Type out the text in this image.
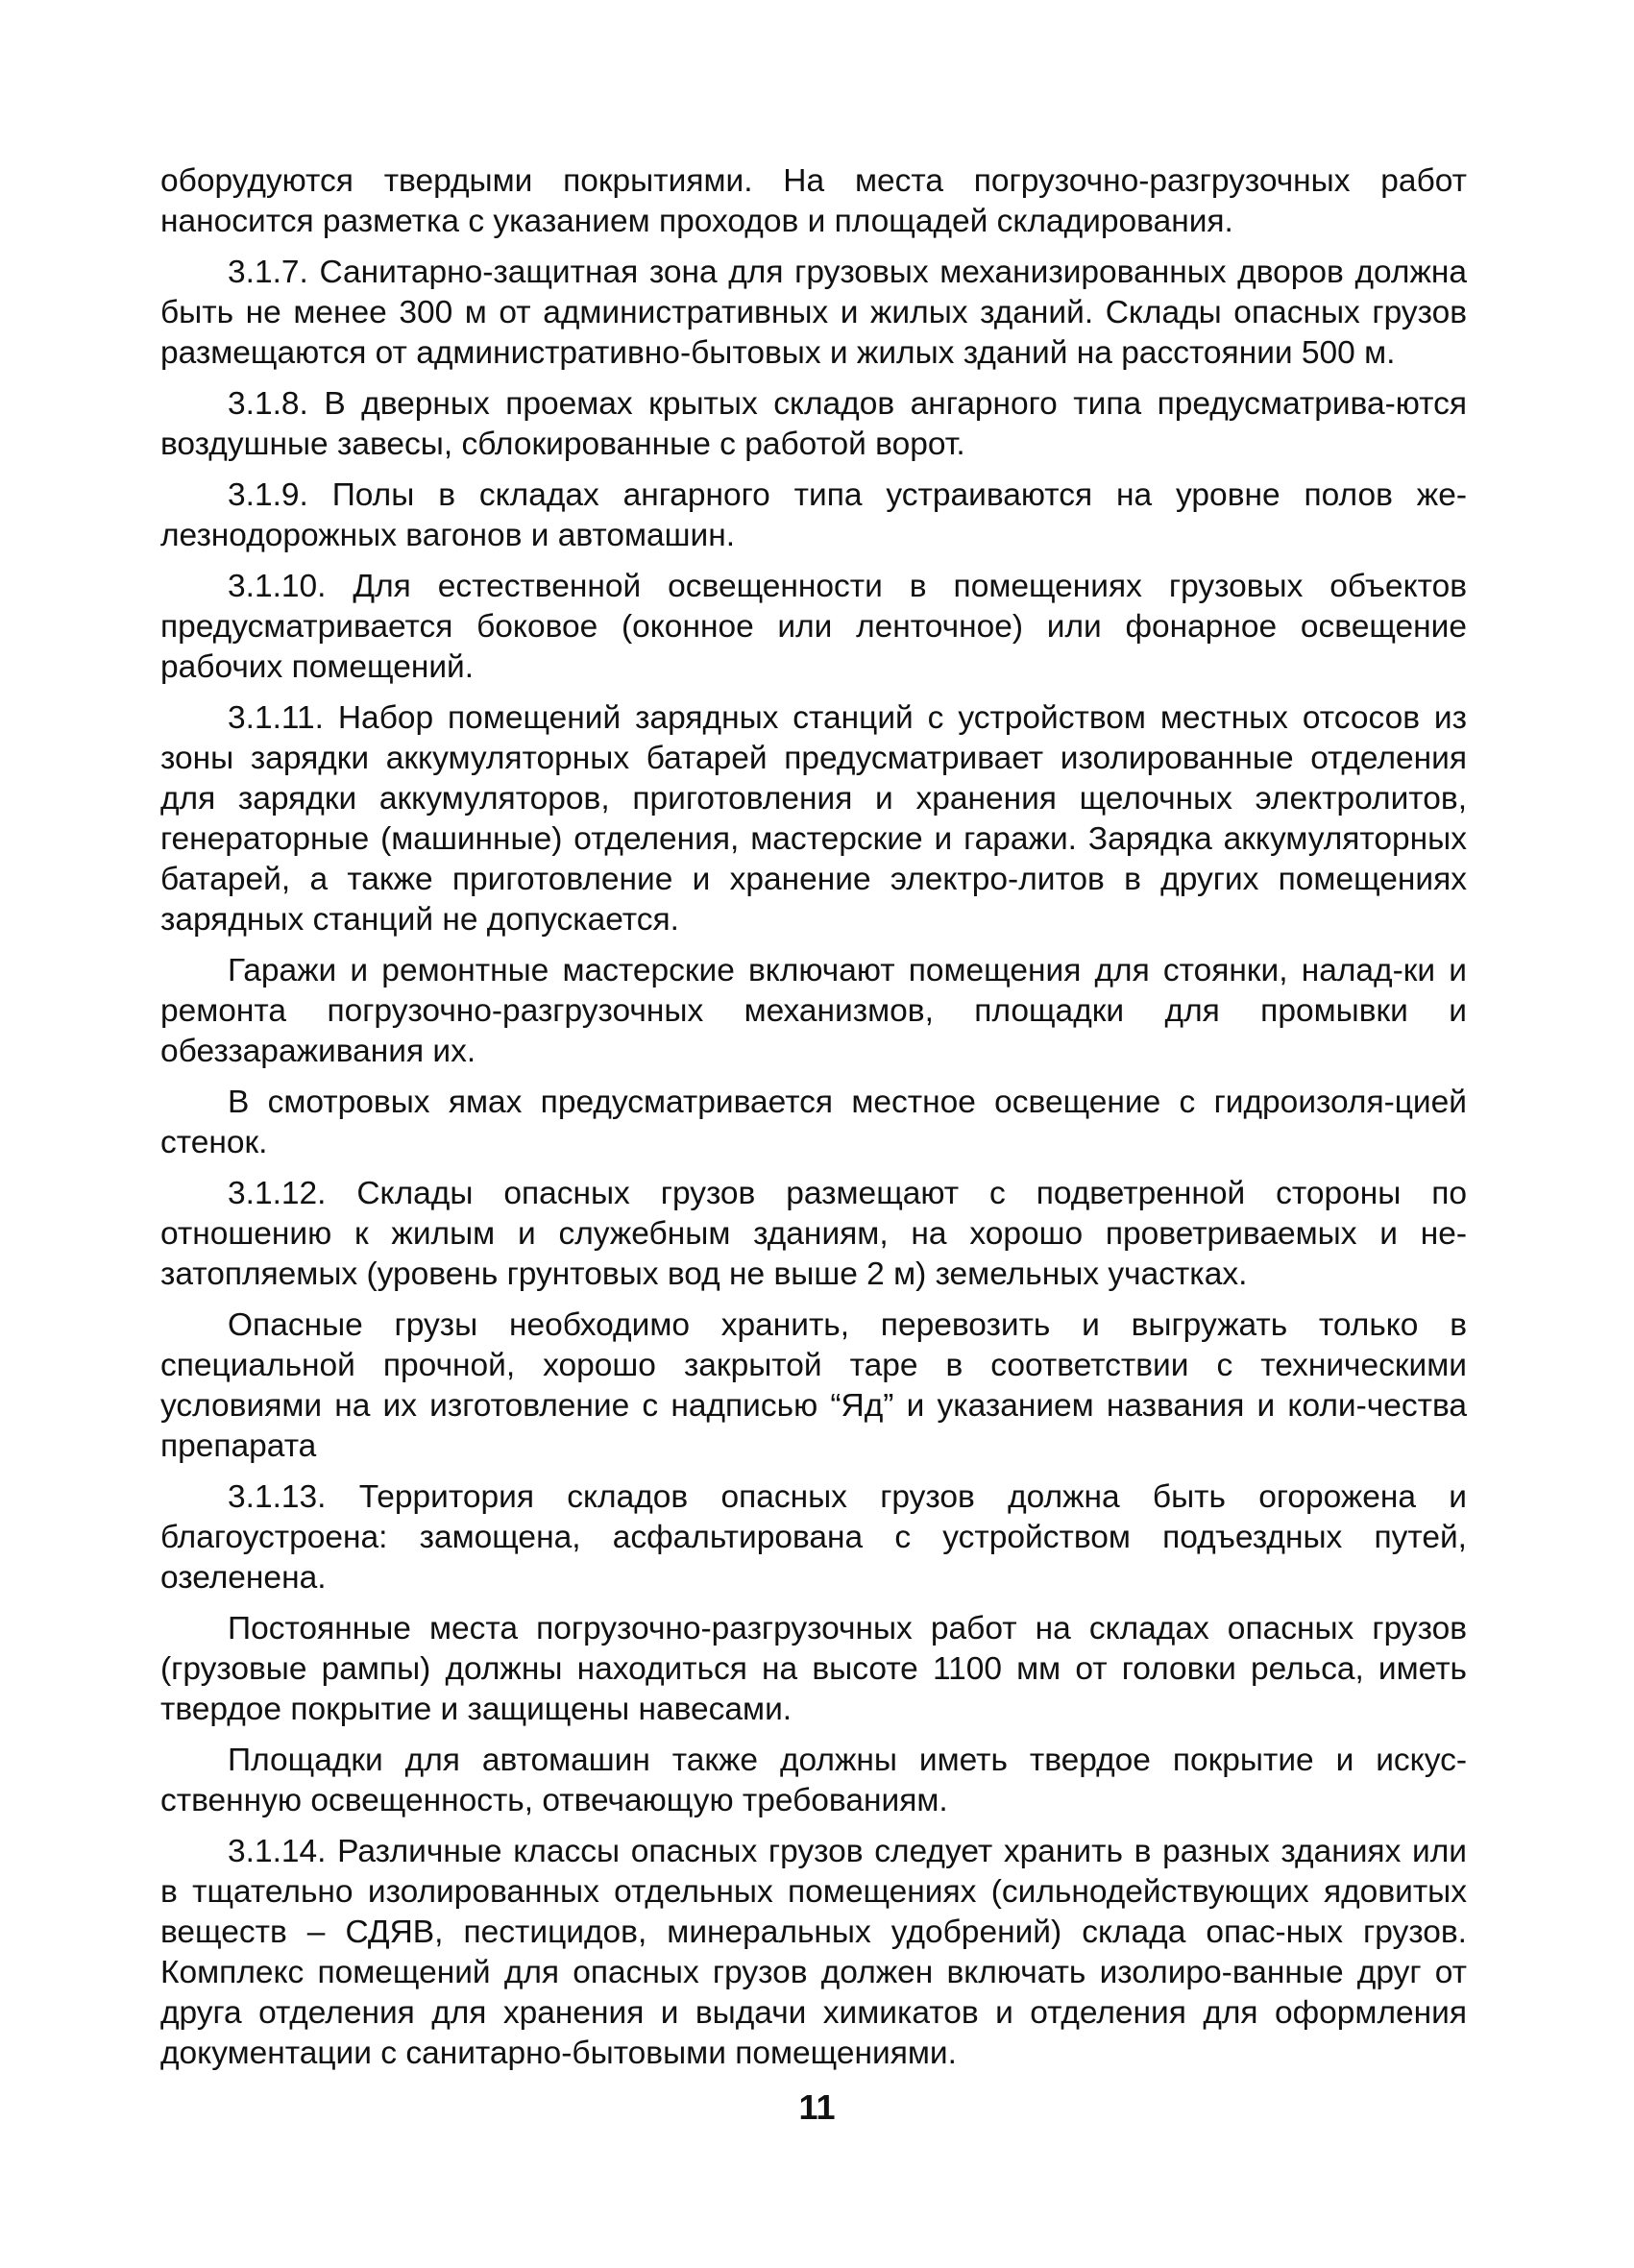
оборудуются твердыми покрытиями. На места погрузочно-разгрузочных работ наносится разметка с указанием проходов и площадей складирования.

3.1.7. Санитарно-защитная зона для грузовых механизированных дворов должна быть не менее 300 м от административных и жилых зданий. Склады опасных грузов размещаются от административно-бытовых и жилых зданий на расстоянии 500 м.

3.1.8. В дверных проемах крытых складов ангарного типа предусматрива-ются воздушные завесы, сблокированные с работой ворот.

3.1.9. Полы в складах ангарного типа устраиваются на уровне полов же-лезнодорожных вагонов и автомашин.

3.1.10. Для естественной освещенности в помещениях грузовых объектов предусматривается боковое (оконное или ленточное) или фонарное освещение рабочих помещений.

3.1.11. Набор помещений зарядных станций с устройством местных отсосов из зоны зарядки аккумуляторных батарей предусматривает изолированные отделения для зарядки аккумуляторов, приготовления и хранения щелочных электролитов, генераторные (машинные) отделения, мастерские и гаражи. Зарядка аккумуляторных батарей, а также приготовление и хранение электро-литов в других помещениях зарядных станций не допускается.

Гаражи и ремонтные мастерские включают помещения для стоянки, налад-ки и ремонта погрузочно-разгрузочных механизмов, площадки для промывки и обеззараживания их.

В смотровых ямах предусматривается местное освещение с гидроизоля-цией стенок.

3.1.12. Склады опасных грузов размещают с подветренной стороны по отношению к жилым и служебным зданиям, на хорошо проветриваемых и не-затопляемых (уровень грунтовых вод не выше 2 м) земельных участках.

Опасные грузы необходимо хранить, перевозить и выгружать только в специальной прочной, хорошо закрытой таре в соответствии с техническими условиями на их изготовление с надписью “Яд” и указанием названия и коли-чества препарата

3.1.13. Территория складов опасных грузов должна быть огорожена и благоустроена: замощена, асфальтирована с устройством подъездных путей, озеленена.

Постоянные места погрузочно-разгрузочных работ на складах опасных грузов (грузовые рампы) должны находиться на высоте 1100 мм от головки рельса, иметь твердое покрытие и защищены навесами.

Площадки для автомашин также должны иметь твердое покрытие и искус-ственную освещенность, отвечающую требованиям.

3.1.14. Различные классы опасных грузов следует хранить в разных зданиях или в тщательно изолированных отдельных помещениях (сильнодействующих ядовитых веществ – СДЯВ, пестицидов, минеральных удобрений) склада опас-ных грузов. Комплекс помещений для опасных грузов должен включать изолиро-ванные друг от друга отделения для хранения и выдачи химикатов и отделения для оформления документации с санитарно-бытовыми помещениями.

11
